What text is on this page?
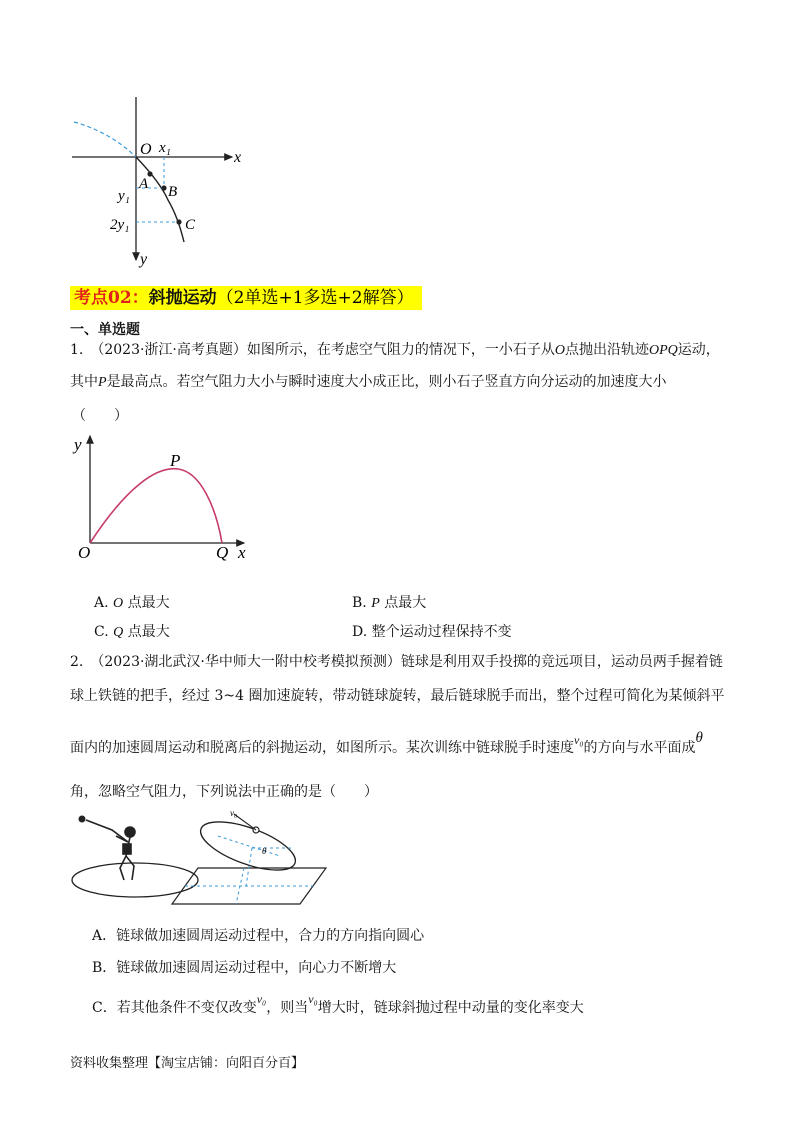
O x₁
x
A B
C
y₁
2y₁
y
考点02：斜抛运动（2单选+1多选+2解答）
一、单选题
1.　（2023·浙江·高考真题）如图所示，在考虑空气阻力的情况下，一小石子从O点抛出沿轨迹OPQ运动，
其中P是最高点。若空气阻力大小与瞬时速度大小成正比，则小石子竖直方向分运动的加速度大小
（　　）
y
P
O	Q x
A. O 点最大	B. P 点最大
C. Q 点最大	D. 整个运动过程保持不变
2.　（2023·湖北武汉·华中师大一附中校考模拟预测）链球是利用双手投掷的竞远项目，运动员两手握着链
球上铁链的把手，经过 3~4 圈加速旋转，带动链球旋转，最后链球脱手而出，整个过程可简化为某倾斜平
面内的加速圆周运动和脱离后的斜抛运动，如图所示。某次训练中链球脱手时速度v₀的方向与水平面成θ
角，忽略空气阻力，下列说法中正确的是（　　）
v₀
θ
A．链球做加速圆周运动过程中，合力的方向指向圆心
B．链球做加速圆周运动过程中，向心力不断增大
C．若其他条件不变仅改变v₀，则当v₀增大时，链球斜抛过程中动量的变化率变大
资料收集整理【淘宝店铺：向阳百分百】
